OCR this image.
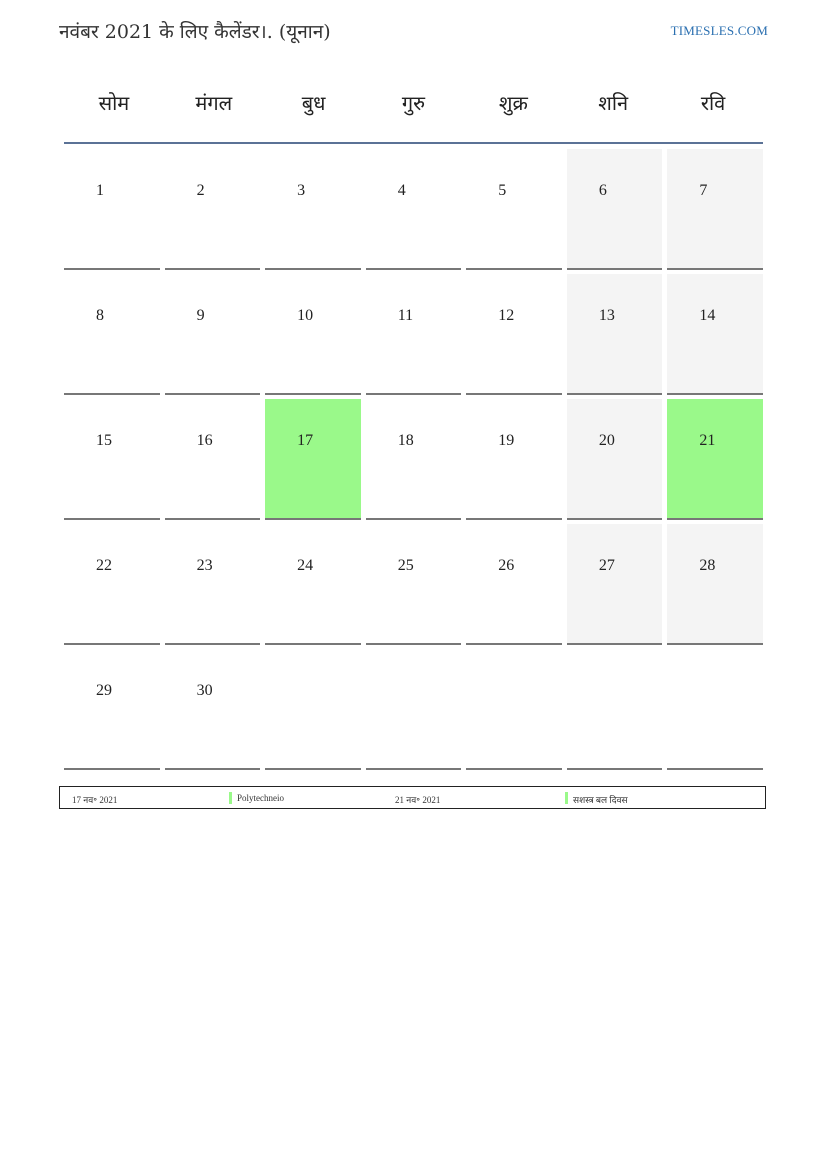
नवंबर 2021 के लिए कैलेंडर।. (यूनान)	TIMESLES.COM
सोम	मंगल	बुध	गुरु	शुक्र	शनि	रवि
1	2	3	4	5	6	7
8	9	10	11	12	13	14
15	16	17	18	19	20	21
22	23	24	25	26	27	28
29	30
17 नव॰ 2021	Polytechneio	21 नव॰ 2021	सशस्त्र बल दिवस
